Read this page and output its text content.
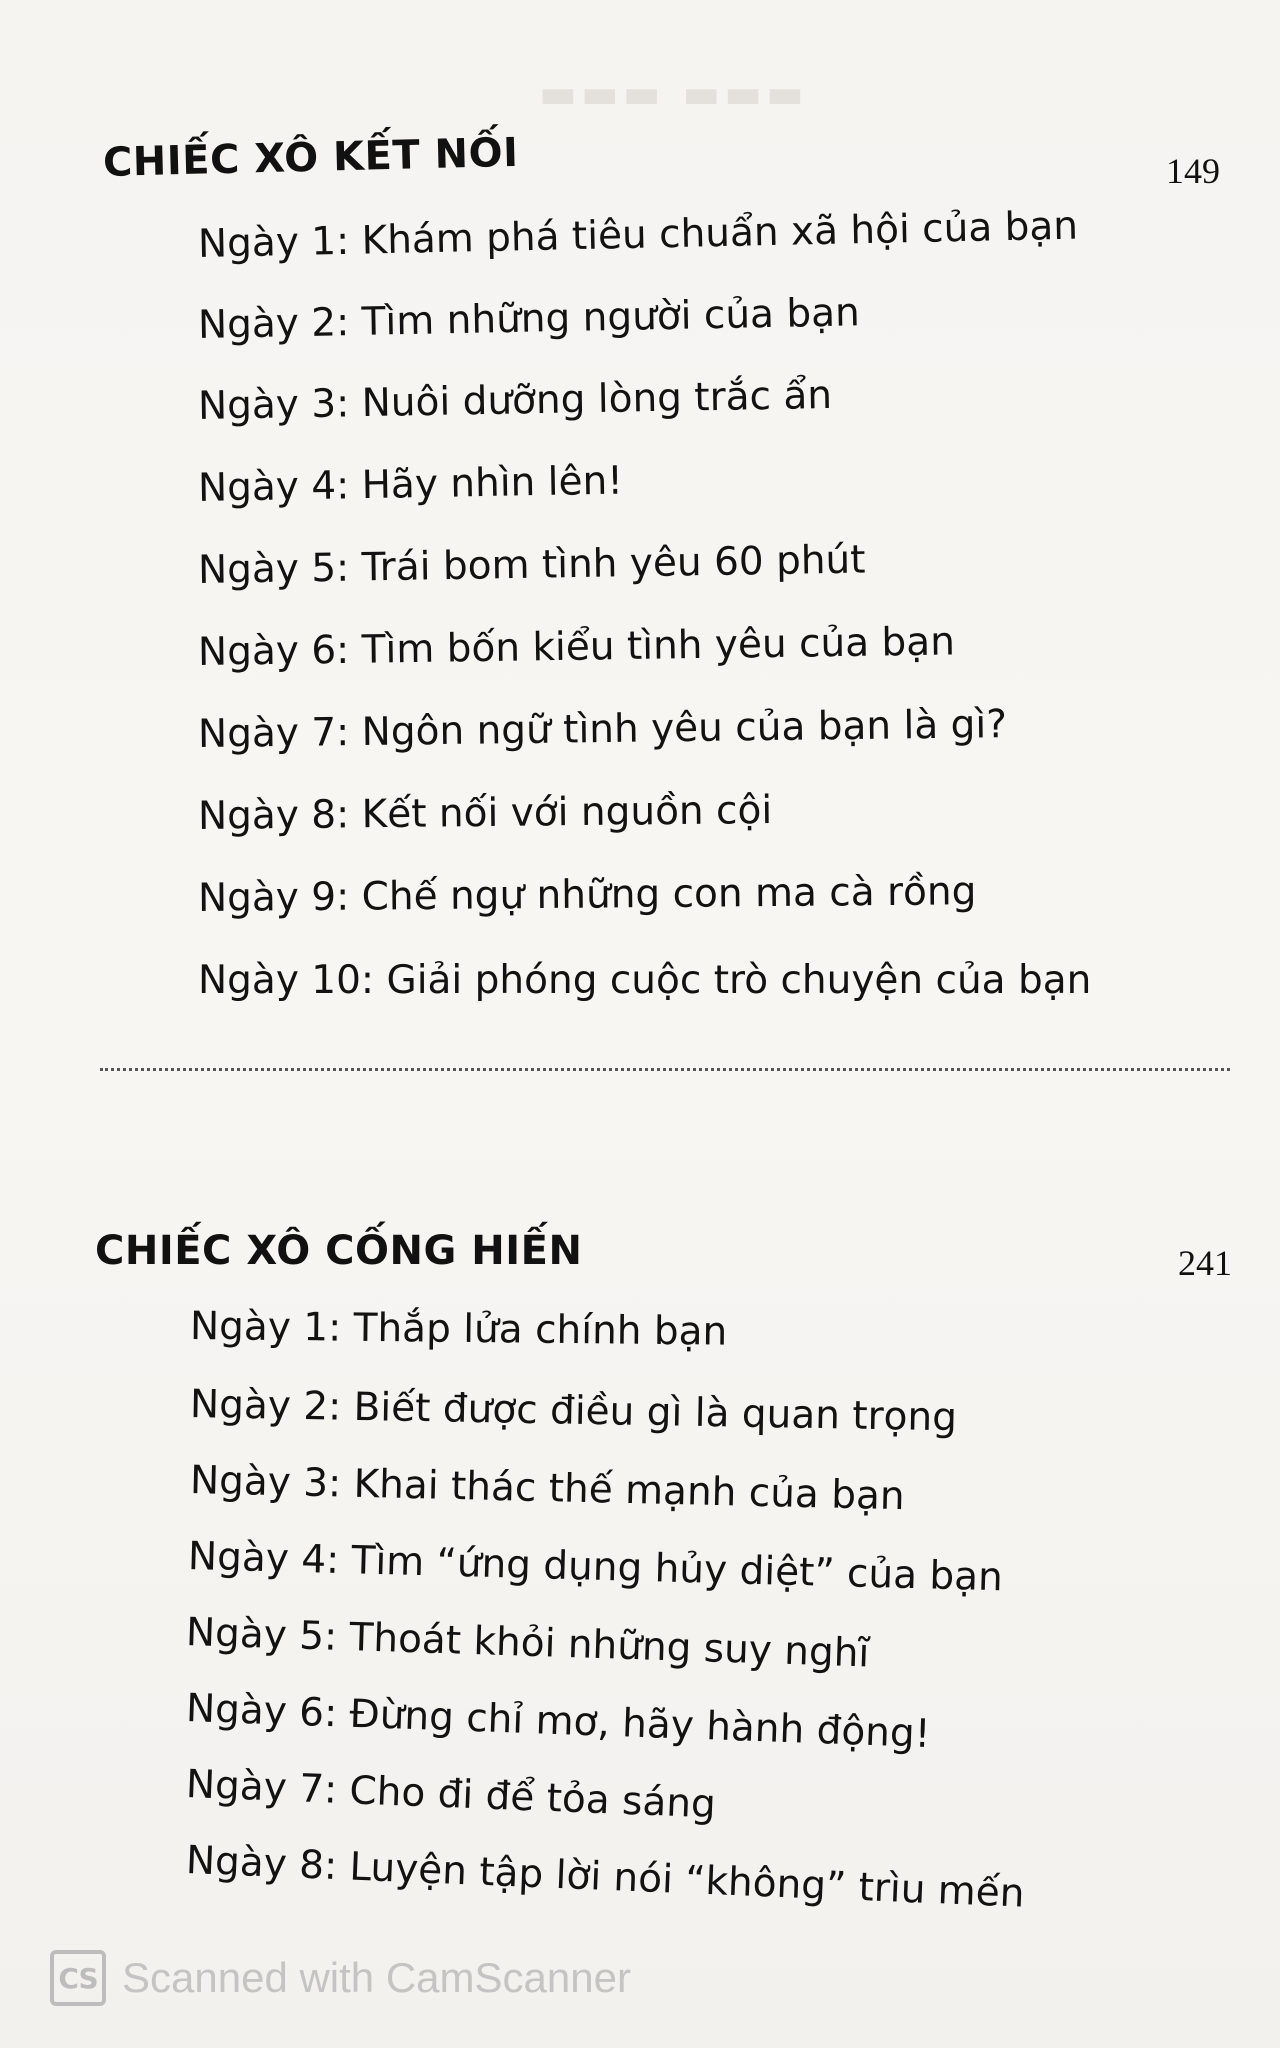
▬▬▬ ▬▬▬
CHIẾC XÔ KẾT NỐI	149
Ngày 1: Khám phá tiêu chuẩn xã hội của bạn
Ngày 2: Tìm những người của bạn
Ngày 3: Nuôi dưỡng lòng trắc ẩn
Ngày 4: Hãy nhìn lên!
Ngày 5: Trái bom tình yêu 60 phút
Ngày 6: Tìm bốn kiểu tình yêu của bạn
Ngày 7: Ngôn ngữ tình yêu của bạn là gì?
Ngày 8: Kết nối với nguồn cội
Ngày 9: Chế ngự những con ma cà rồng
Ngày 10: Giải phóng cuộc trò chuyện của bạn
CHIẾC XÔ CỐNG HIẾN	241
Ngày 1: Thắp lửa chính bạn
Ngày 2: Biết được điều gì là quan trọng
Ngày 3: Khai thác thế mạnh của bạn
Ngày 4: Tìm “ứng dụng hủy diệt” của bạn
Ngày 5: Thoát khỏi những suy nghĩ
Ngày 6: Đừng chỉ mơ, hãy hành động!
Ngày 7: Cho đi để tỏa sáng
Ngày 8: Luyện tập lời nói “không” trìu mến
CS Scanned with CamScanner
